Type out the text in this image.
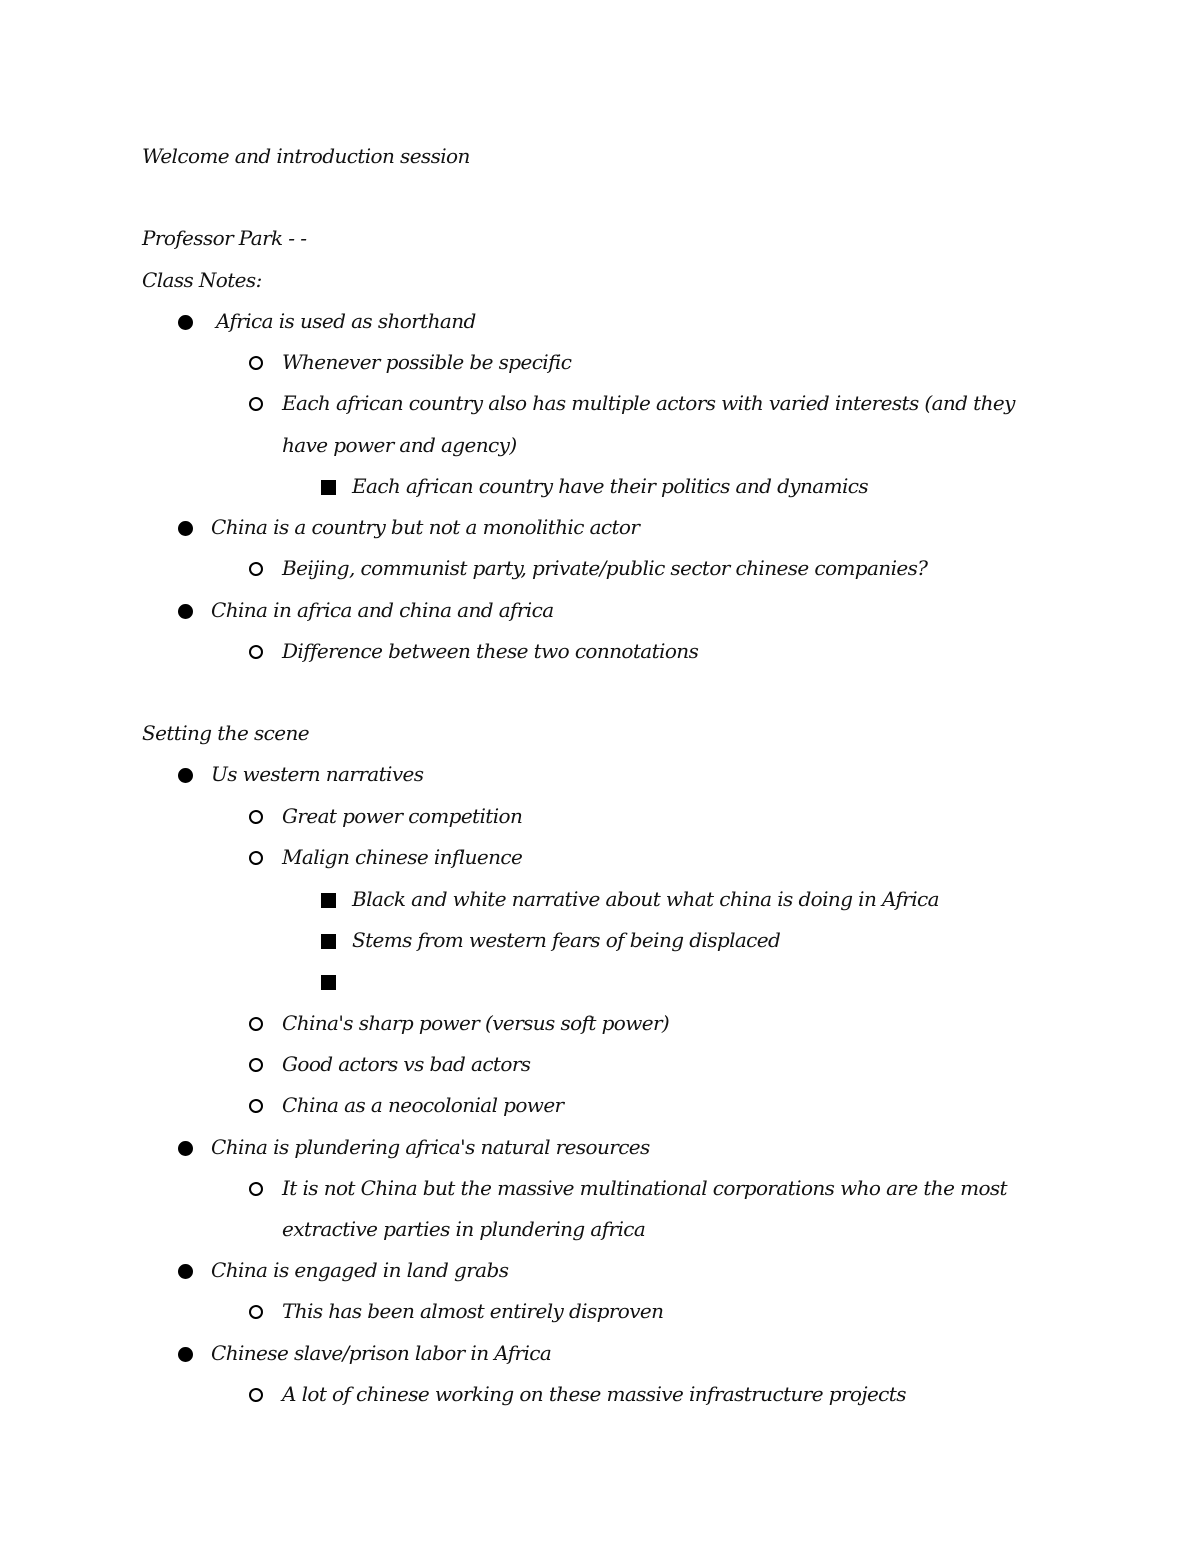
Welcome and introduction session
Professor Park - -
Class Notes:
Africa is used as shorthand
Whenever possible be specific
Each african country also has multiple actors with varied interests (and they
have power and agency)
Each african country have their politics and dynamics
China is a country but not a monolithic actor
Beijing, communist party, private/public sector chinese companies?
China in africa and china and africa
Difference between these two connotations
Setting the scene
Us western narratives
Great power competition
Malign chinese influence
Black and white narrative about what china is doing in Africa
Stems from western fears of being displaced
China's sharp power (versus soft power)
Good actors vs bad actors
China as a neocolonial power
China is plundering africa's natural resources
It is not China but the massive multinational corporations who are the most
extractive parties in plundering africa
China is engaged in land grabs
This has been almost entirely disproven
Chinese slave/prison labor in Africa
A lot of chinese working on these massive infrastructure projects
